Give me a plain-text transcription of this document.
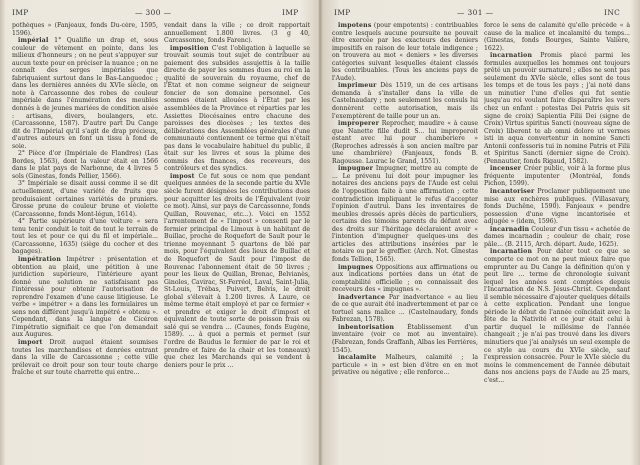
IMP	— 300 —	IMP

pothèques » (Fanjeaux, fonds Du-cère, 1595, 1596).

impérial 1° Qualifie un drap et, sous couleur de vêtement en pointe, dans les milieux d'honneurs ; on ne peut s'appuyer sur aucun texte pour en préciser la nuance ; on ne connaît des serges impériales que fabriquaient surtout dans le Bas-Languedoc ; dans les dernières années du XVIe siècle, on note à Carcassonne des robes de couleur impériale dans l'énumération des meubles donnés à de jeunes mariées de condition aisée : artisans, divers, boulangers, etc. (Carcassonne, 1587). D'autre part Du Cange dit de l'Impérial qu'il s'agit de drap précieux, d'autres auteurs en font un tissu à fond de soie.

2° Pièce d'or (Impériale de Flandres) (Las Bordes, 1563), dont la valeur était en 1566 dans le plat pays de Narbonne, de 4 livres 5 sols (Ginestas, fonds Pellier, 1566).

3° Impériale se disait aussi comme il se dit actuellement, d'une variété de fruits que produisaient certaines variétés de pruniers. Grosse prune de couleur brune et violette (Carcassonne, fonds Mont-légun, 1614).

4° Partie supérieure d'une voiture « sera tenu tenir conduit le toit de tout le terrain de tout les et pour ce qui du fil et impériale... (Carcassonne, 1635) (siège du cocher et des bagages).

impétration Impétrer : présentation et obtention au plaid, une pétition à une juridiction supérieure, l'intérieure ayant donné une solution ne satisfaisant pas l'intéressé pour obtenir l'autorisation de reprendre l'examen d'une cause litigieuse. Le verbe « impétrer » a dans les formulaires un sens non différent jusqu'à impétré « obtenu ». Cependant, dans la langue de Cicéron l'impétratio signifiait ce que l'on demandait aux Augures.

import Droit auquel étaient soumises toutes les marchandises et denrées entrant dans la ville de Carcassonne ; cette ville prélevait ce droit pour son tour toute charge fraîche et sur toute charrette qui entre...

vendait dans la ville ; ce droit rapportait annuellement 1.800 livres. (3 g 40, Carcassonne, fonds Farenc).

imposition C'est l'obligation à laquelle se trouvait soumis tout sujet de contribuer au paiement des subsides assujettis à la taille directe de payer les sommes dues au roi en la qualité de souverain du royaume, chef de l'État et non comme seigneur de seigneur foncier de son domaine personnel. Ces sommes étaient allouées à l'État par les assemblées de la Province et réparties par les Assiettes Diocésaines entre chacune des paroisses des diocèses ; les textes des délibérations des Assemblées générales d'une communauté contiennent ce terme qui n'était pas dans le vocabulaire habituel du public, il était sur les livres et sous la plume des commis des finances, des receveurs, des contrôleurs et des syndics.

impost Ce fut sous ce nom que pendant quelques années de la seconde partie du XVIe siècle furent désignées les contributions dues pour acquitter les droits de l'Équivalent (voir ce mot). Ainsi, sur pays de Carcassonne, fonds Quillan, Rouvenac, etc...). Voici en 1552 l'arrentement de « l'impost » consenti par le fermier principal de Limoux à un habitant de Buillac, proche de Roquefort de Sault pour le trienne moyennant 5 quartons de blé par mois, pour l'équivalent des lieux de Buillac et de Roquefort de Sault pour l'impost de Rouvenac l'abonnement était de 50 livres ; pour les lieux de Quillan, Brenac, Belvianès, Ginoles, Cavirac, St-Ferréol, Laval, Saint-Julia, St-Louis, Trébas, Puivert, Belvis, le droit global s'élevait à 1.200 livres. À Laure, ce même terme était employé et par ce fermier « et prendre et exiger le droit d'impost et équivalent de toute sorte de poisson frais ou salé qui se vendra ... (Caunes, fonds Eugène, 1589). ... à quoi a permis et permet (sur l'ordre de Baudus le fermier de par le roi et prendre et faire de la chair et les tonneaux) que chez les Marchands qui se vendent à deniers pour le prix ...

IMP	— 301 —	INC

impotens (pour empotents) : contribuables contre lesquels aucune poursuite ne pouvait être exercée par les exacteurs des deniers impositifs en raison de leur totale indigence ; on trouvera au mot « deniers » les diverses catégories suivant lesquelles étaient classés les contribuables. (Tous les anciens pays de l'Aude).

imprimeur Dès 1519, un de ces artisans demanda à s'installer dans la ville de Castelnaudary ; non seulement les consuls lui donnèrent cette autorisation, mais ils l'exemptèrent de taille pour un an.

improperer Reprocher, maudire « à cause que Nanette fille dudit S... lui improperoit estant avec lui pour chamberiere » (Reproches adressés à son ancien maître par une chambrière) (Fanjeaux, fonds B. Ragousse. Laurac le Grand, 1551).

impugner Impugner, mettre au compte de ... Le prévenu lui doit pour impugner les notaires des anciens pays de l'Aude est celui de l'opposition faite à une affirmation ; cette contradiction impliquant le refus d'accepter l'opinion d'autrui. Dans les inventaires de meubles dressés après décès de particuliers, certains des témoins parents du défunt avec des droits sur l'héritage déclaraient avoir « l'intention d'impugner quelques-uns des articles des attributions insérées par le notaire ou par le greffier. (Arch. Not. Ginestas fonds Tellion, 1565).

impugnes Oppositions aux affirmations ou aux indications portées dans un état de comptabilité officielle ; on connaissait des receveurs des « impugnes ».

inadvertance Par inadvertance « au lieu de ce que aurait été inadvertemment et par ce tortuel sans malice ... (Castelnaudary, fonds Fabrezan, 1578).

inbentorisation Établissement d'un inventaire (voir ce mot au inventaire). (Fabrezan, fonds Graffanh, Albas les Ferrières, 1545).

incalamite Malheurs, calamité ; la particule « in » est bien d'être en en mot privative ou négative ; elle renforce...

force le sens de calamité qu'elle précède « à cause de la malice et incalamité du temps... (Ginestas, fonds Bourges, Sainte Valière, 1622).

incarnation Promis placé parmi les formules auxquelles les hommes ont toujours prêté un pouvoir surnaturel ; elles ne sont pas seulement du XVIe siècle, elles sont de tous les temps et de tous les pays ; j'ai noté dans un minutier l'une d'elles qui fut sentie jusqu'au roi voulant faire disparaître les vers chez un enfant : potestas Dei Patris quis sit signe de croix) Sapientia Filii Dei (signe de Croix) Virtus spiritus Sancti (nouveau signe de Croix) liberent te ab omni dolore ut vermes isti in aqua convertentur in nomine Sancti Antonii confessoris tui in nomine Patris et Filii et Spiritus Sancti (dernier signe de Croix). (Pennautier, fonds Rigaud, 1582).

incenser Créer public, voir à la forme plus fréquente imputenter (Montréal, fonds Pichon, 1599).

incantoriser Proclamer publiquement une mise aux enchères publiques. (Villasavary, fonds Duchêne, 1590). Fanjeaux « pendre possession d'une vigne incantorisée et adjugée » (idem, 1596).

incarnadin Couleur d'un tissu « achetée de dames incarnadin ; couleur de chair, rose pâle... (B. 2115, Arch. départ. Aude, 1625).

incarnation Pour dater tout ce que se comporte ce mot on ne peut mieux faire que emprunter au Du Cange la définition qu'on y peut lire ... terme de chronologie suivant lequel les années sont comptées depuis l'Incarnation de N.S. Jésus-Christ. Cependant il semble nécessaire d'ajouter quelques détails à cette explication. Pendant une longue période le début de l'année coïncidait avec la fête de la Nativité et ce jour était celui à partir duquel le millésime de l'année changeait ; je n'ai pas trouvé dans les divers minutiers que j'ai analysés un seul exemple de ce style au cours du XVIe siècle, sauf l'expression consacrée. Pour le XVIe siècle du moins le commencement de l'année débutait dans nos anciens pays de l'Aude au 25 mars, c'est...
